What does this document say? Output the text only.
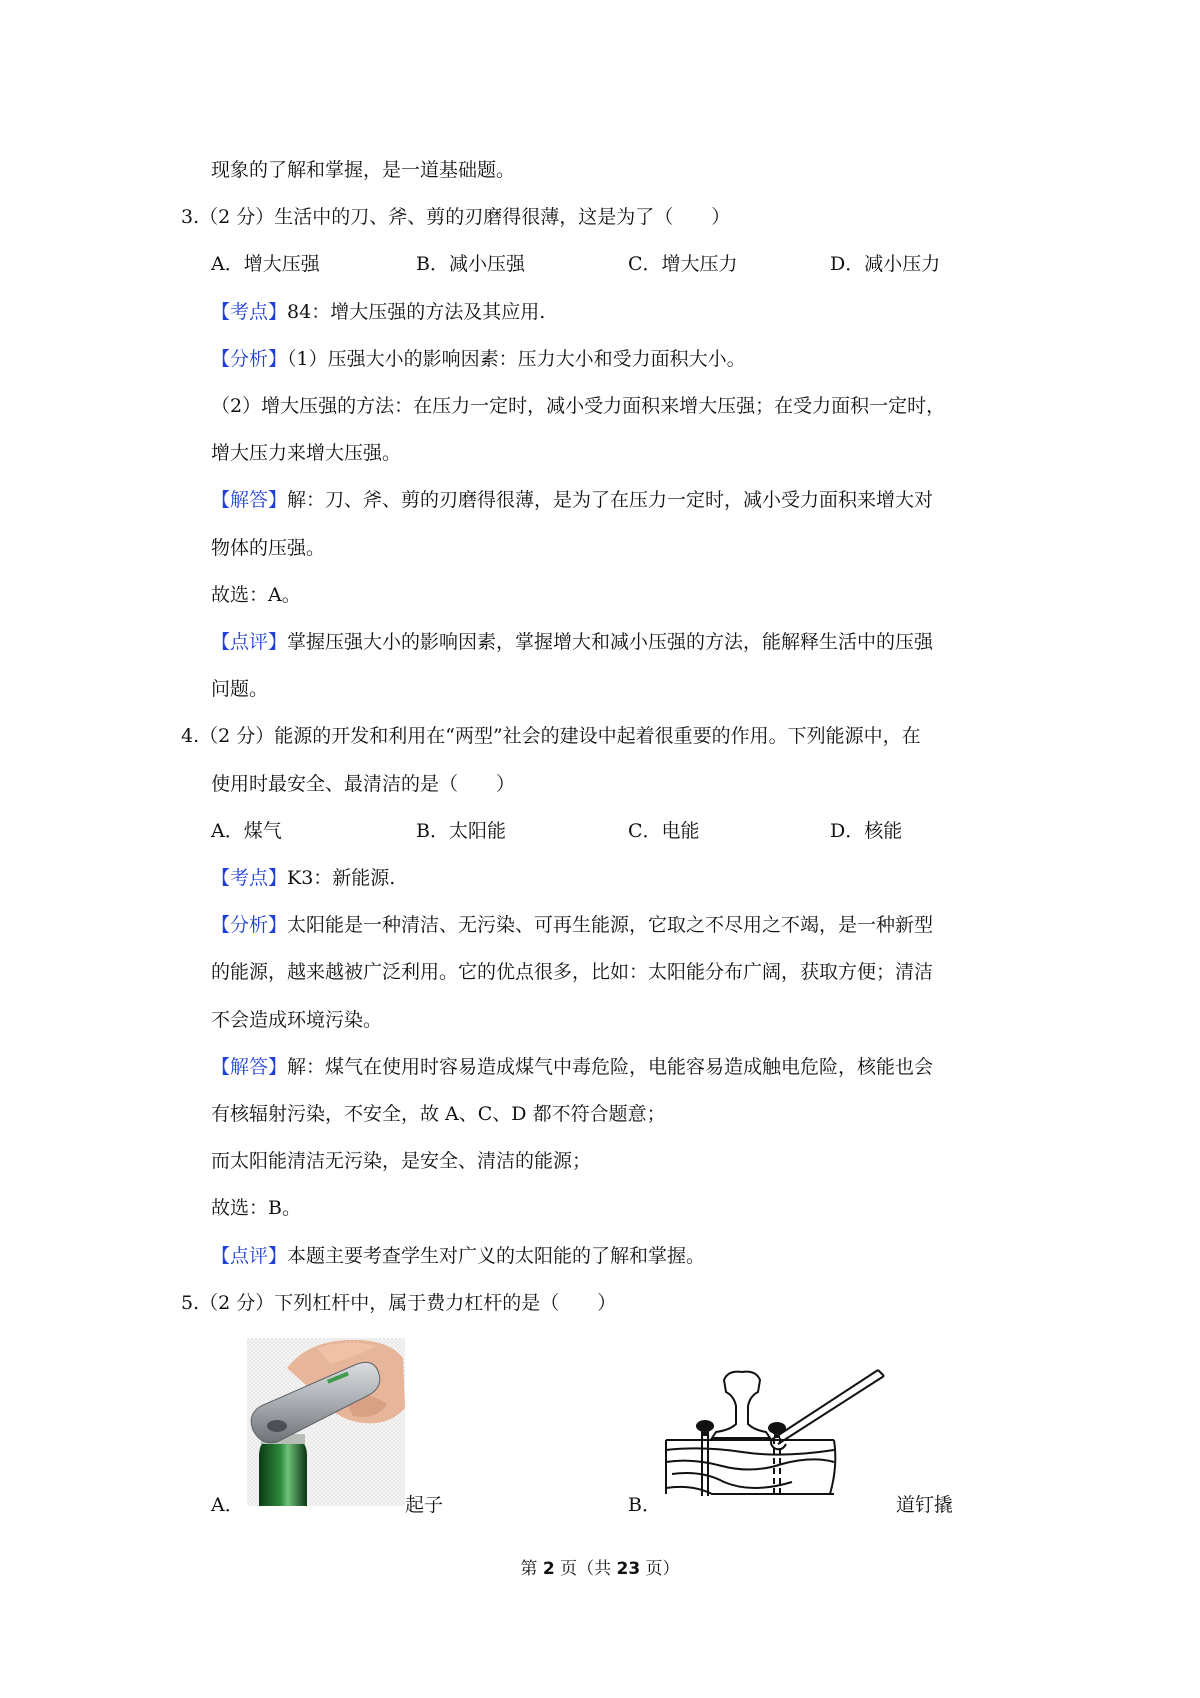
现象的了解和掌握，是一道基础题。
3.（2 分）生活中的刀、斧、剪的刃磨得很薄，这是为了（　　）
A．增大压强	B．减小压强	C．增大压力	D．减小压力
【考点】84：增大压强的方法及其应用.
【分析】（1）压强大小的影响因素：压力大小和受力面积大小。
（2）增大压强的方法：在压力一定时，减小受力面积来增大压强；在受力面积一定时，
增大压力来增大压强。
【解答】解：刀、斧、剪的刃磨得很薄，是为了在压力一定时，减小受力面积来增大对
物体的压强。
故选：A。
【点评】掌握压强大小的影响因素，掌握增大和减小压强的方法，能解释生活中的压强
问题。
4.（2 分）能源的开发和利用在“两型”社会的建设中起着很重要的作用。下列能源中，在
使用时最安全、最清洁的是（　　）
A．煤气	B．太阳能	C．电能	D．核能
【考点】K3：新能源.
【分析】太阳能是一种清洁、无污染、可再生能源，它取之不尽用之不竭，是一种新型
的能源，越来越被广泛利用。它的优点很多，比如：太阳能分布广阔，获取方便；清洁
不会造成环境污染。
【解答】解：煤气在使用时容易造成煤气中毒危险，电能容易造成触电危险，核能也会
有核辐射污染，不安全，故 A、C、D 都不符合题意；
而太阳能清洁无污染，是安全、清洁的能源；
故选：B。
【点评】本题主要考查学生对广义的太阳能的了解和掌握。
5.（2 分）下列杠杆中，属于费力杠杆的是（　　）
A．	起子	B．	道钉撬
第 2 页（共 23 页）
